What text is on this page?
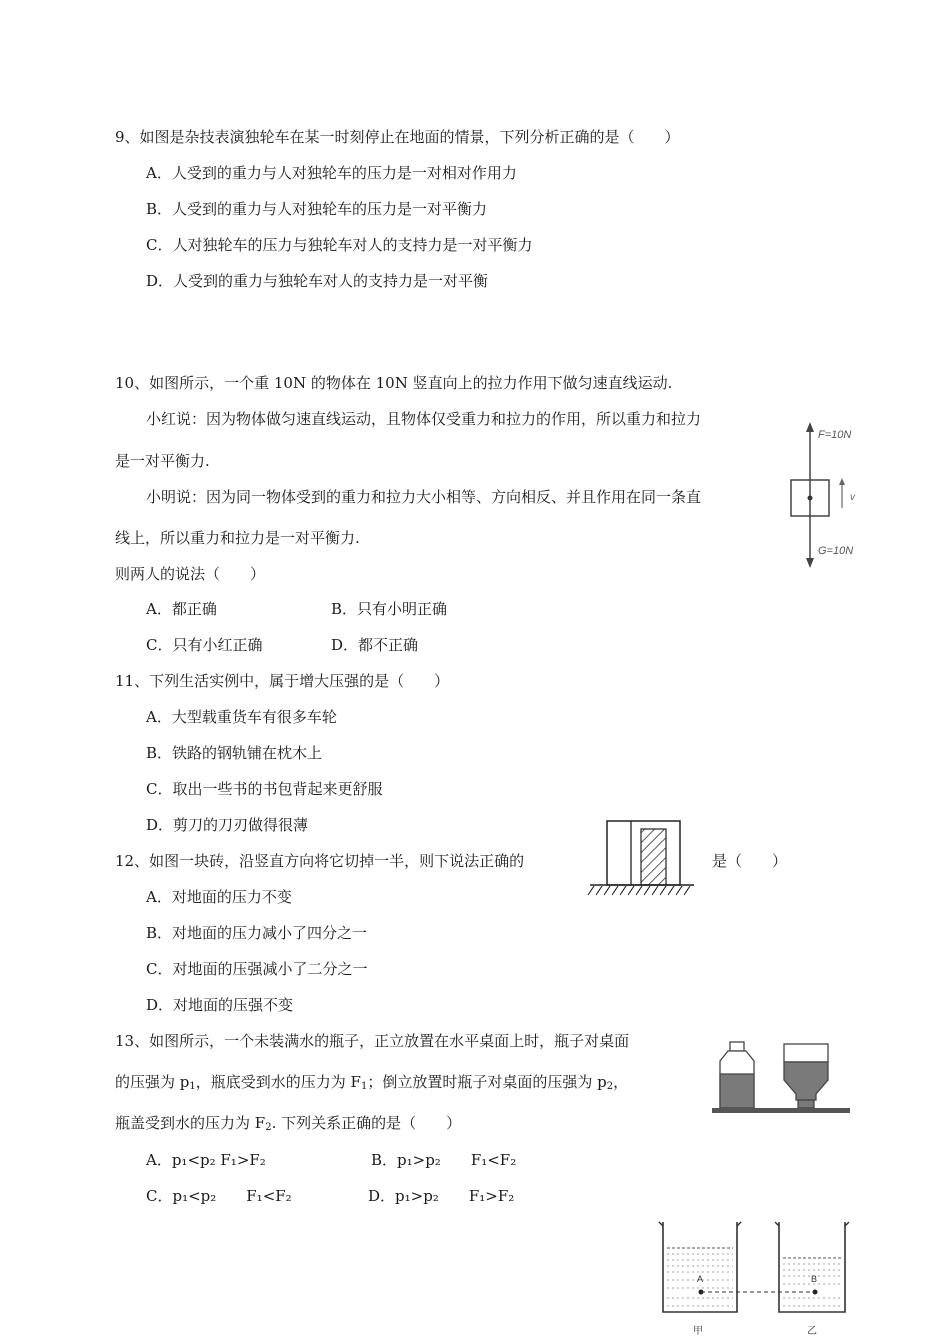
9、如图是杂技表演独轮车在某一时刻停止在地面的情景，下列分析正确的是（　　）
A．人受到的重力与人对独轮车的压力是一对相对作用力
B．人受到的重力与人对独轮车的压力是一对平衡力
C．人对独轮车的压力与独轮车对人的支持力是一对平衡力
D．人受到的重力与独轮车对人的支持力是一对平衡
10、如图所示，一个重 10N 的物体在 10N 竖直向上的拉力作用下做匀速直线运动.
小红说：因为物体做匀速直线运动，且物体仅受重力和拉力的作用，所以重力和拉力
是一对平衡力.
小明说：因为同一物体受到的重力和拉力大小相等、方向相反、并且作用在同一条直
线上，所以重力和拉力是一对平衡力.
则两人的说法（　　）
A．都正确	B．只有小明正确
C．只有小红正确	D．都不正确
F=10N
G=10N
v
11、下列生活实例中，属于增大压强的是（　　）
A．大型载重货车有很多车轮
B．铁路的钢轨铺在枕木上
C．取出一些书的书包背起来更舒服
D．剪刀的刀刃做得很薄
12、如图一块砖，沿竖直方向将它切掉一半，则下说法正确的	是（　　）
A．对地面的压力不变
B．对地面的压力减小了四分之一
C．对地面的压强减小了二分之一
D．对地面的压强不变
13、如图所示，一个未装满水的瓶子，正立放置在水平桌面上时，瓶子对桌面
的压强为 $p_1$，瓶底受到水的压力为 $F_1$；倒立放置时瓶子对桌面的压强为 $p_2$，
瓶盖受到水的压力为 $F_2$. 下列关系正确的是（　　）
A．p₁<p₂ F₁>F₂	B．p₁>p₂　　F₁<F₂
C．p₁<p₂　　F₁<F₂	D．p₁>p₂　　F₁>F₂
A	B
甲	乙
